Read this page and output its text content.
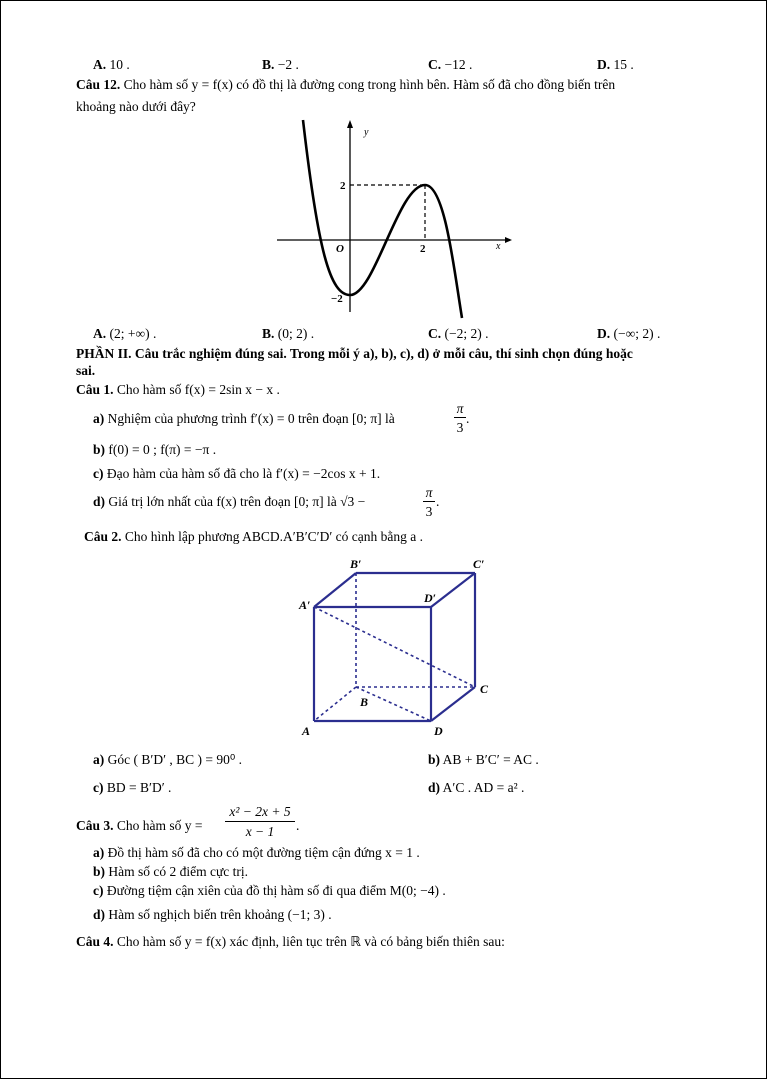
A. 10 .	B. −2 .	C. −12 .	D. 15 .
Câu 12. Cho hàm số y = f(x) có đồ thị là đường cong trong hình bên. Hàm số đã cho đồng biến trên
khoảng nào dưới đây?
y
x
O
2
−2
2
A. (2; +∞) .	B. (0; 2) .	C. (−2; 2) .	D. (−∞; 2) .
PHẦN II. Câu trắc nghiệm đúng sai. Trong mỗi ý a), b), c), d) ở mỗi câu, thí sinh chọn đúng hoặc
sai.
Câu 1. Cho hàm số f(x) = 2sin x − x .
a) Nghiệm của phương trình f′(x) = 0 trên đoạn [0; π] là
π
3
.
b) f(0) = 0 ; f(π) = −π .
c) Đạo hàm của hàm số đã cho là f′(x) = −2cos x + 1.
d) Giá trị lớn nhất của f(x) trên đoạn [0; π] là √3 −
π
3
.
Câu 2. Cho hình lập phương ABCD.A′B′C′D′ có cạnh bằng a .
B′	C′
A′	D′
C
B
A	D
a) Góc ( B′D′ , BC ) = 90⁰ .	b) AB + B′C′ = AC .
c) BD = B′D′ .	d) A′C . AD = a² .
Câu 3. Cho hàm số y =
x² − 2x + 5
x − 1	.
a) Đồ thị hàm số đã cho có một đường tiệm cận đứng x = 1 .
b) Hàm số có 2 điểm cực trị.
c) Đường tiệm cận xiên của đồ thị hàm số đi qua điểm M(0; −4) .
d) Hàm số nghịch biến trên khoảng (−1; 3) .
Câu 4. Cho hàm số y = f(x) xác định, liên tục trên ℝ và có bảng biến thiên sau:
